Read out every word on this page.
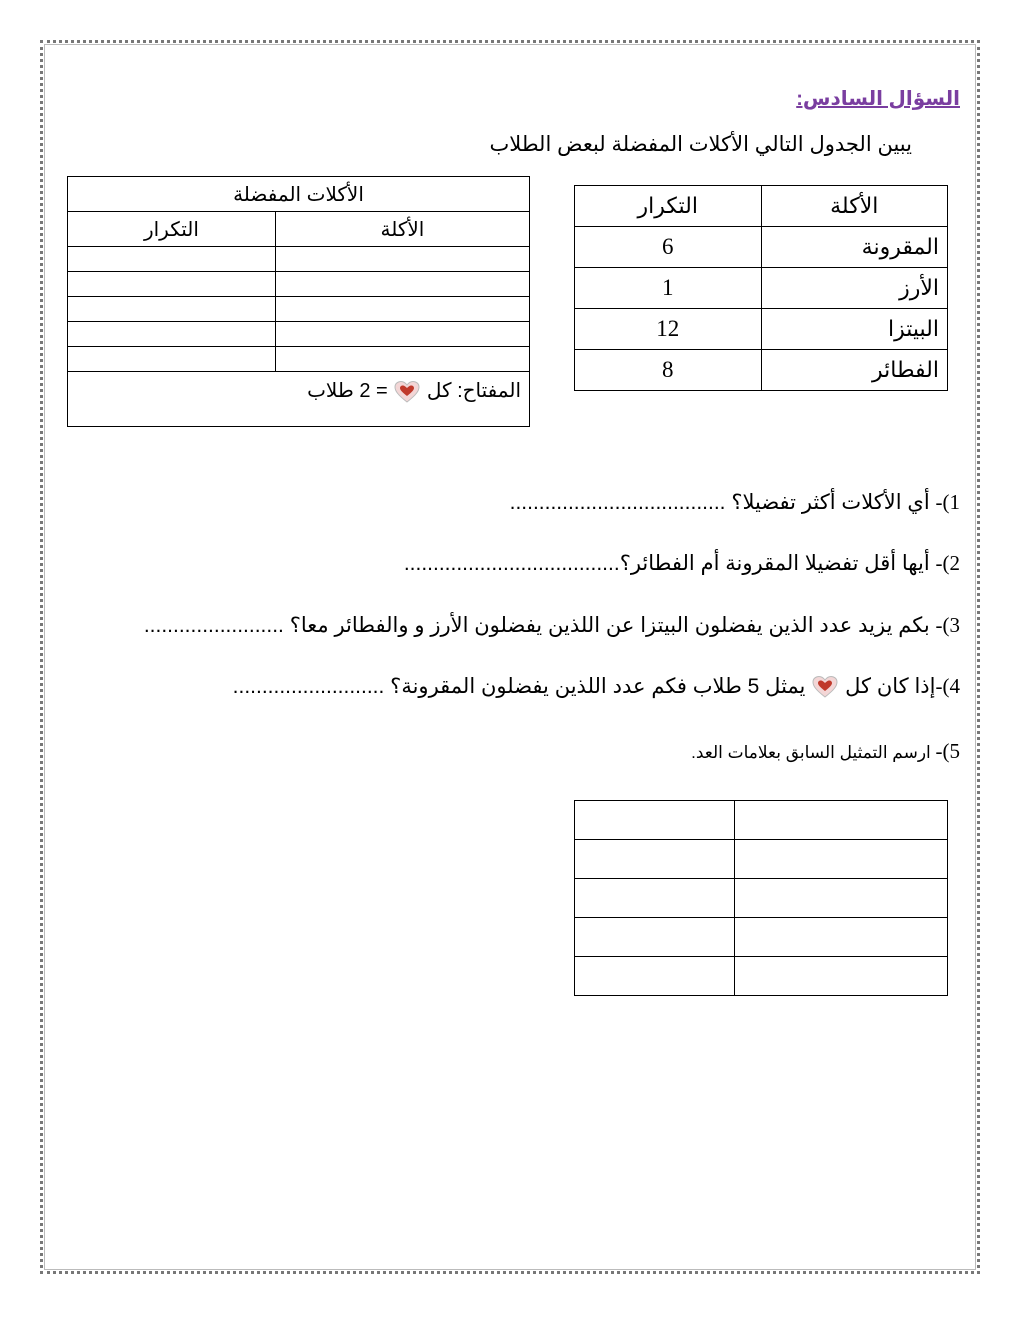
السؤال السادس:
يبين الجدول التالي الأكلات المفضلة لبعض الطلاب
الأكلة	التكرار
المقرونة	6
الأرز	1
البيتزا	12
الفطائر	8
الأكلات المفضلة	
الأكلة	التكرار

المفتاح: كل  = 2 طلاب	
1)- أي الأكلات أكثر تفضيلا؟ .....................................
2)- أيها أقل تفضيلا المقرونة أم الفطائر؟.....................................
3)- بكم يزيد عدد الذين يفضلون البيتزا عن اللذين يفضلون الأرز و والفطائر معا؟ ........................
4)-إذا كان كل  يمثل 5 طلاب فكم عدد اللذين يفضلون المقرونة؟ ..........................
5)- ارسم التمثيل السابق بعلامات العد.
